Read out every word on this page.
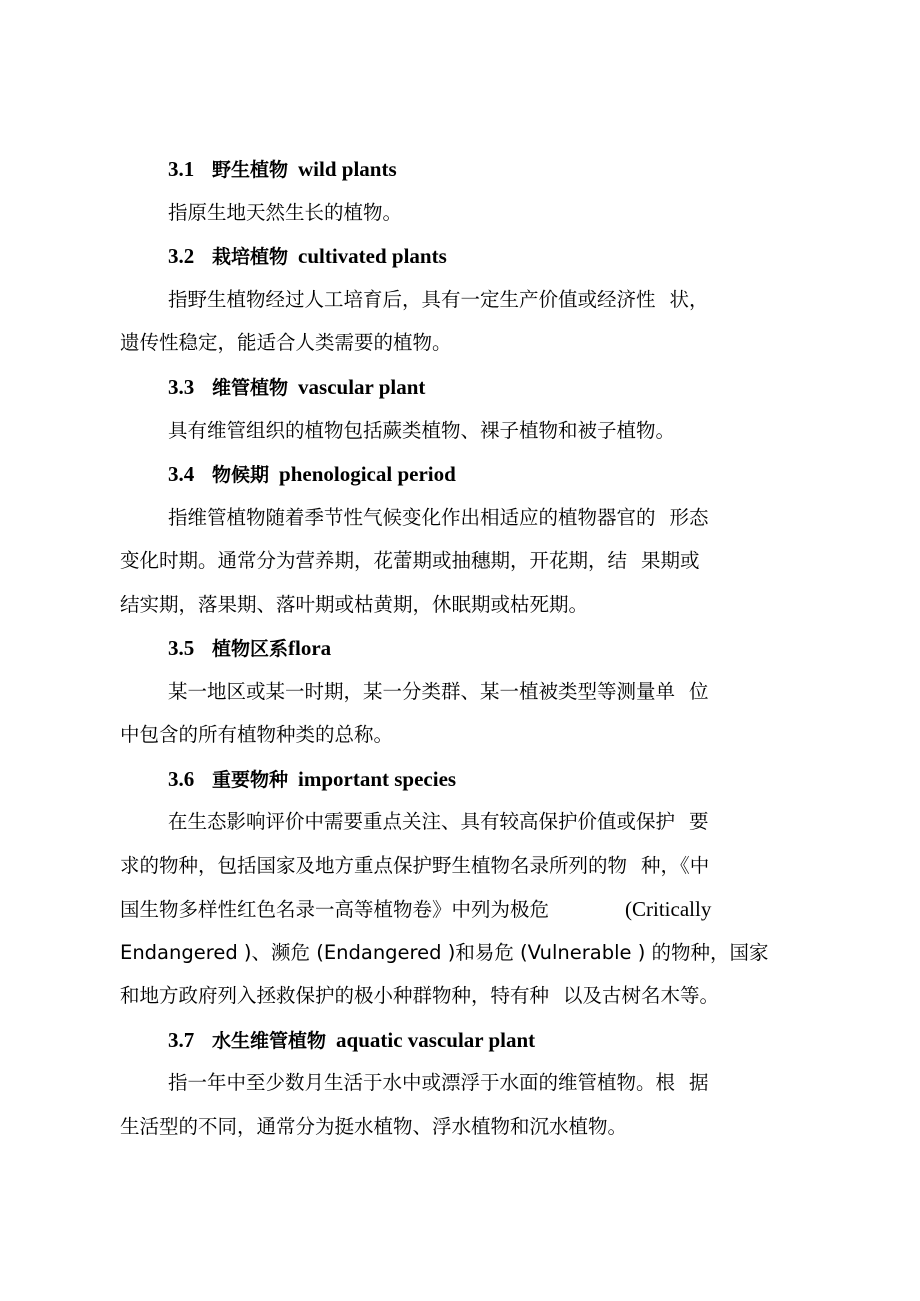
3.1 野生植物 wild plants
指原生地天然生长的植物。
3.2 栽培植物 cultivated plants
指野生植物经过人工培育后，具有一定生产价值或经济性 状，
遗传性稳定，能适合人类需要的植物。
3.3 维管植物 vascular plant
具有维管组织的植物包括蕨类植物、裸子植物和被子植物。
3.4 物候期 phenological period
指维管植物随着季节性气候变化作出相适应的植物器官的 形态
变化时期。通常分为营养期，花蕾期或抽穗期，开花期，结 果期或
结实期，落果期、落叶期或枯黄期，休眠期或枯死期。
3.5 植物区系flora
某一地区或某一时期，某一分类群、某一植被类型等测量单 位
中包含的所有植物种类的总称。
3.6 重要物种 important species
在生态影响评价中需要重点关注、具有较高保护价值或保护 要
求的物种，包括国家及地方重点保护野生植物名录所列的物 种，《中
国生物多样性红色名录一高等植物卷》中列为极危	(Critically
Endangered )、濒危 (Endangered )和易危 (Vulnerable ) 的物种，国家
和地方政府列入拯救保护的极小种群物种，特有种 以及古树名木等。
3.7 水生维管植物 aquatic vascular plant
指一年中至少数月生活于水中或漂浮于水面的维管植物。根 据
生活型的不同，通常分为挺水植物、浮水植物和沉水植物。
